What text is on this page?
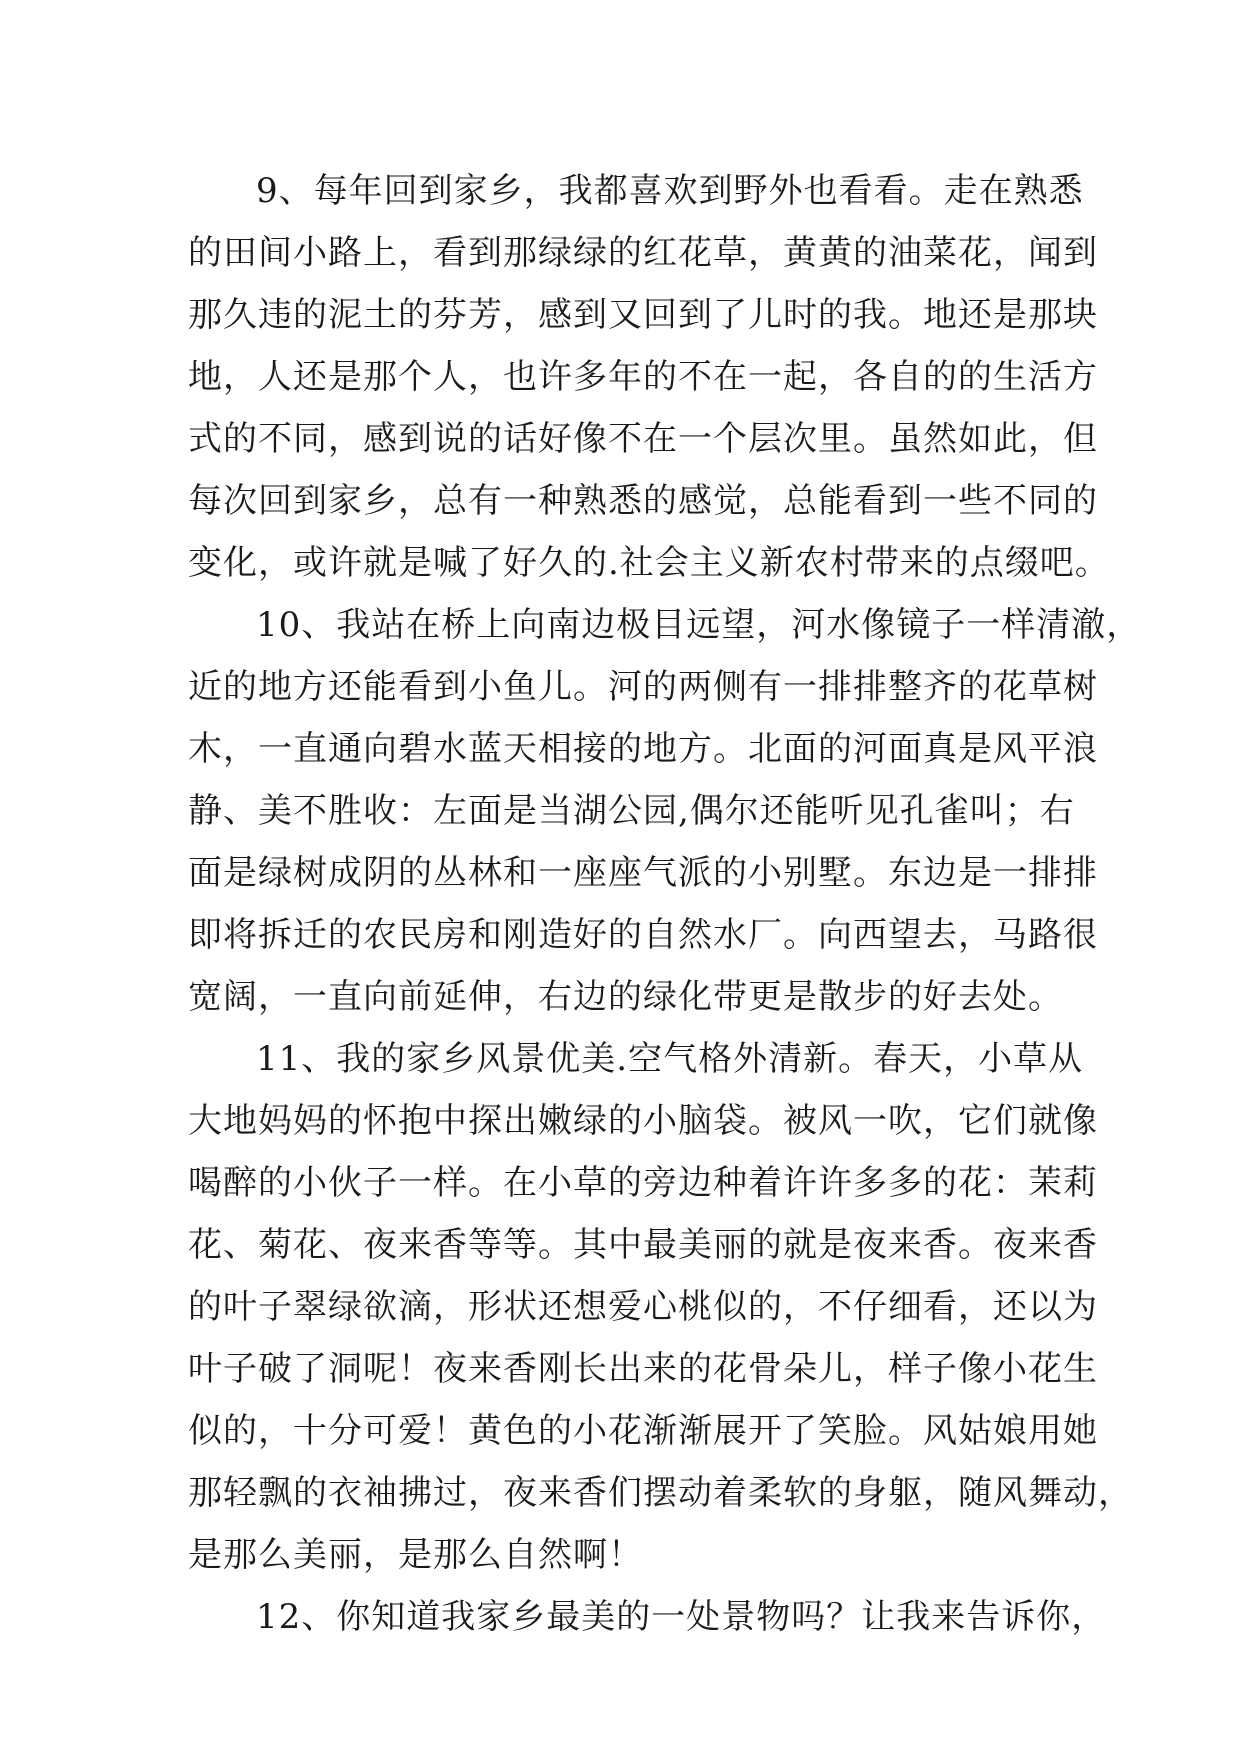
9、每年回到家乡，我都喜欢到野外也看看。走在熟悉
的田间小路上，看到那绿绿的红花草，黄黄的油菜花，闻到
那久违的泥土的芬芳，感到又回到了儿时的我。地还是那块
地，人还是那个人，也许多年的不在一起，各自的的生活方
式的不同，感到说的话好像不在一个层次里。虽然如此，但
每次回到家乡，总有一种熟悉的感觉，总能看到一些不同的
变化，或许就是喊了好久的.社会主义新农村带来的点缀吧。
10、我站在桥上向南边极目远望，河水像镜子一样清澈，
近的地方还能看到小鱼儿。河的两侧有一排排整齐的花草树
木，一直通向碧水蓝天相接的地方。北面的河面真是风平浪
静、美不胜收：左面是当湖公园,偶尔还能听见孔雀叫；右
面是绿树成阴的丛林和一座座气派的小别墅。东边是一排排
即将拆迁的农民房和刚造好的自然水厂。向西望去，马路很
宽阔，一直向前延伸，右边的绿化带更是散步的好去处。
11、我的家乡风景优美.空气格外清新。春天，小草从
大地妈妈的怀抱中探出嫩绿的小脑袋。被风一吹，它们就像
喝醉的小伙子一样。在小草的旁边种着许许多多的花：茉莉
花、菊花、夜来香等等。其中最美丽的就是夜来香。夜来香
的叶子翠绿欲滴，形状还想爱心桃似的，不仔细看，还以为
叶子破了洞呢！夜来香刚长出来的花骨朵儿，样子像小花生
似的，十分可爱！黄色的小花渐渐展开了笑脸。风姑娘用她
那轻飘的衣袖拂过，夜来香们摆动着柔软的身躯，随风舞动，
是那么美丽，是那么自然啊！
12、你知道我家乡最美的一处景物吗？让我来告诉你，
